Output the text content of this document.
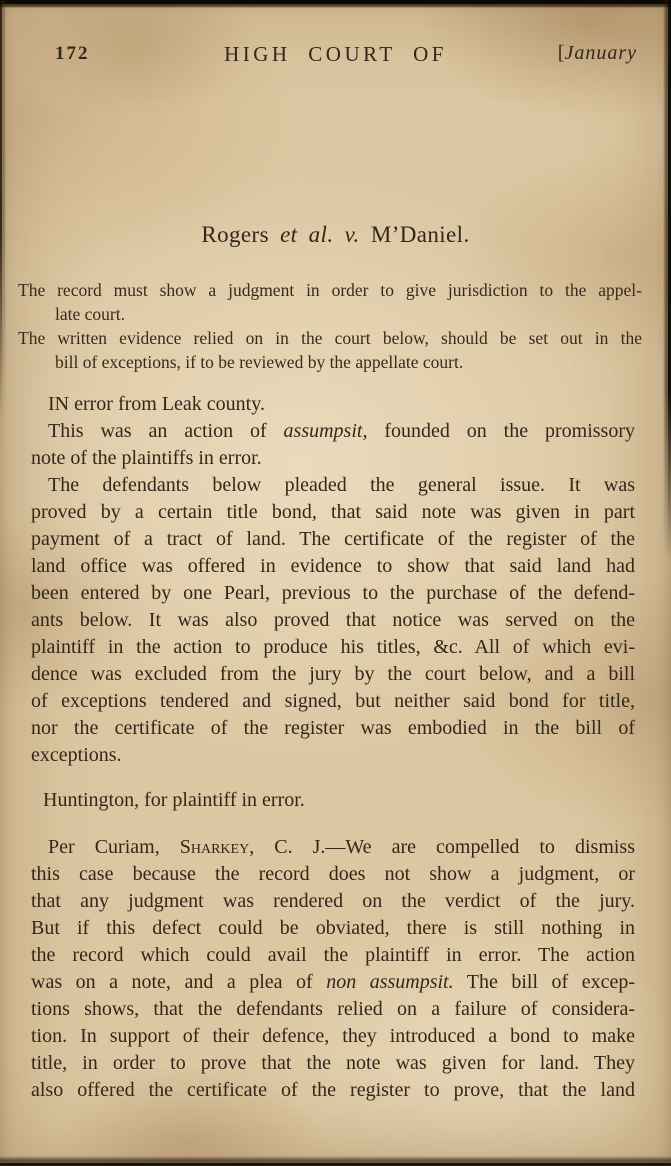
172	HIGH COURT OF	[January
Rogers et al. v. M’Daniel.
The record must show a judgment in order to give jurisdiction to the appel-
late court.
The written evidence relied on in the court below, should be set out in the
bill of exceptions, if to be reviewed by the appellate court.
IN error from Leak county.
This was an action of assumpsit, founded on the promissory
note of the plaintiffs in error.
The defendants below pleaded the general issue. It was
proved by a certain title bond, that said note was given in part
payment of a tract of land. The certificate of the register of the
land office was offered in evidence to show that said land had
been entered by one Pearl, previous to the purchase of the defend-
ants below. It was also proved that notice was served on the
plaintiff in the action to produce his titles, &c. All of which evi-
dence was excluded from the jury by the court below, and a bill
of exceptions tendered and signed, but neither said bond for title,
nor the certificate of the register was embodied in the bill of
exceptions.
Huntington, for plaintiff in error.
Per Curiam, Sharkey, C. J.—We are compelled to dismiss
this case because the record does not show a judgment, or
that any judgment was rendered on the verdict of the jury.
But if this defect could be obviated, there is still nothing in
the record which could avail the plaintiff in error. The action
was on a note, and a plea of non assumpsit. The bill of excep-
tions shows, that the defendants relied on a failure of considera-
tion. In support of their defence, they introduced a bond to make
title, in order to prove that the note was given for land. They
also offered the certificate of the register to prove, that the land
